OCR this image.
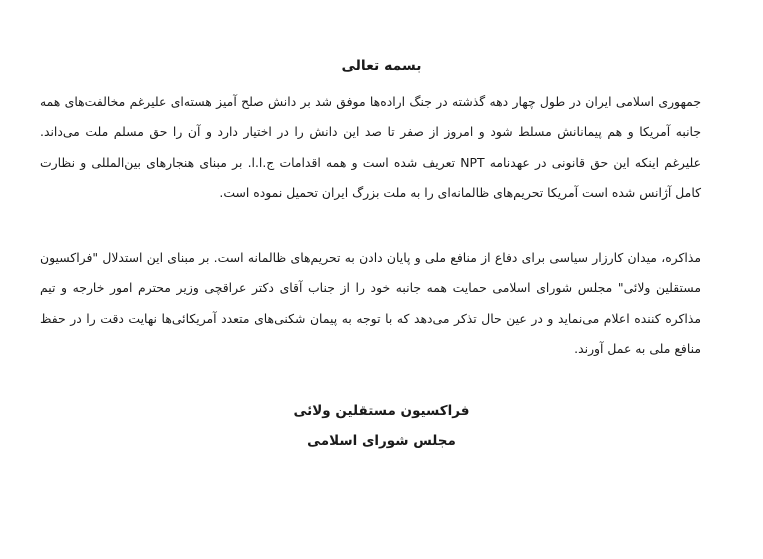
بسمه تعالی

جمهوری اسلامی ایران در طول چهار دهه گذشته در جنگ اراده‌ها موفق شد بر دانش صلح آمیز هسته‌ای علیرغم مخالفت‌های همه جانبه آمریکا و هم پیمانانش مسلط شود و امروز از صفر تا صد این دانش را در اختیار دارد و آن را حق مسلم ملت می‌داند. علیرغم اینکه این حق قانونی در عهدنامه NPT تعریف شده است و همه اقدامات ج.ا.ا. بر مبنای هنجارهای بین‌المللی و نظارت کامل آژانس شده است آمریکا تحریم‌های ظالمانه‌ای را به ملت بزرگ ایران تحمیل نموده است.

مذاکره، میدان کارزار سیاسی برای دفاع از منافع ملی و پایان دادن به تحریم‌های ظالمانه است. بر مبنای این استدلال "فراکسیون مستقلین ولائی" مجلس شورای اسلامی حمایت همه جانبه خود را از جناب آقای دکتر عراقچی وزیر محترم امور خارجه و تیم مذاکره کننده اعلام می‌نماید و در عین حال تذکر می‌دهد که با توجه به پیمان شکنی‌های متعدد آمریکائی‌ها نهایت دقت را در حفظ منافع ملی به عمل آورند.

فراکسیون مستقلین ولائی
مجلس شورای اسلامی
